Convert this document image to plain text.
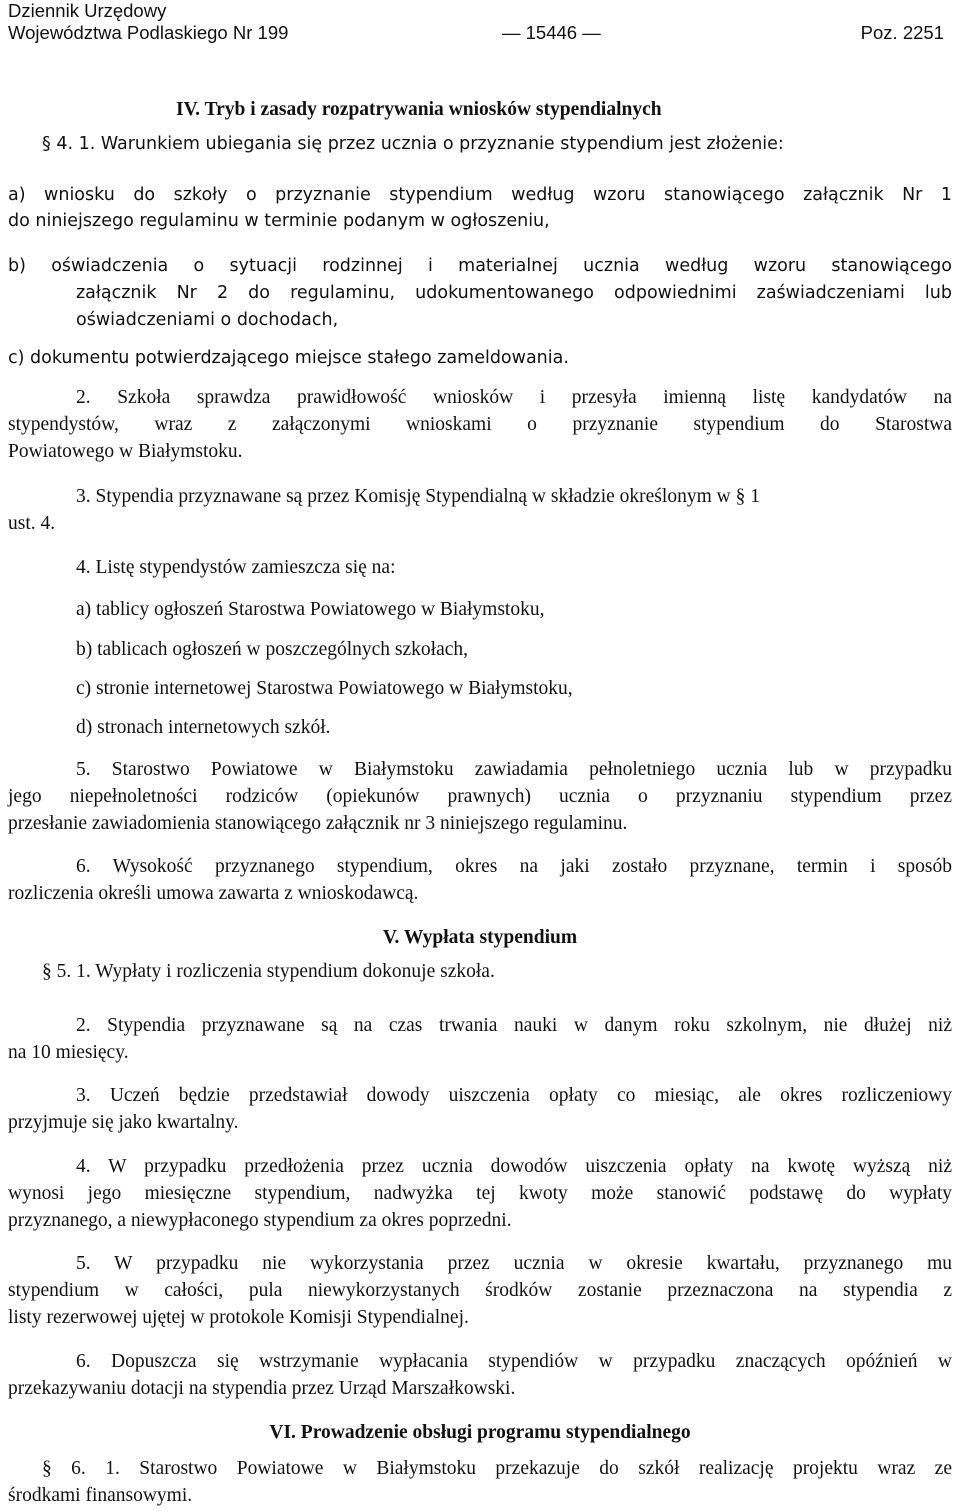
Dziennik Urzędowy
Województwa Podlaskiego Nr 199	— 15446 —	Poz. 2251
IV. Tryb i zasady rozpatrywania wniosków stypendialnych
§ 4. 1. Warunkiem ubiegania się przez ucznia o przyznanie stypendium jest złożenie:
a) wniosku do szkoły o przyznanie stypendium według wzoru stanowiącego załącznik Nr 1
do niniejszego regulaminu w terminie podanym w ogłoszeniu,
b) oświadczenia o sytuacji rodzinnej i materialnej ucznia według wzoru stanowiącego
załącznik Nr 2 do regulaminu, udokumentowanego odpowiednimi zaświadczeniami lub
oświadczeniami o dochodach,
c) dokumentu potwierdzającego miejsce stałego zameldowania.
2. Szkoła sprawdza prawidłowość wniosków i przesyła imienną listę kandydatów na
stypendystów, wraz z załączonymi wnioskami o przyznanie stypendium do Starostwa
Powiatowego w Białymstoku.
3. Stypendia przyznawane są przez Komisję Stypendialną w składzie określonym w § 1
ust. 4.
4. Listę stypendystów zamieszcza się na:
a) tablicy ogłoszeń Starostwa Powiatowego w Białymstoku,
b) tablicach ogłoszeń w poszczególnych szkołach,
c) stronie internetowej Starostwa Powiatowego w Białymstoku,
d) stronach internetowych szkół.
5. Starostwo Powiatowe w Białymstoku zawiadamia pełnoletniego ucznia lub w przypadku
jego niepełnoletności rodziców (opiekunów prawnych) ucznia o przyznaniu stypendium przez
przesłanie zawiadomienia stanowiącego załącznik nr 3 niniejszego regulaminu.
6. Wysokość przyznanego stypendium, okres na jaki zostało przyznane, termin i sposób
rozliczenia określi umowa zawarta z wnioskodawcą.
V. Wypłata stypendium
§ 5. 1. Wypłaty i rozliczenia stypendium dokonuje szkoła.
2. Stypendia przyznawane są na czas trwania nauki w danym roku szkolnym, nie dłużej niż
na 10 miesięcy.
3. Uczeń będzie przedstawiał dowody uiszczenia opłaty co miesiąc, ale okres rozliczeniowy
przyjmuje się jako kwartalny.
4. W przypadku przedłożenia przez ucznia dowodów uiszczenia opłaty na kwotę wyższą niż
wynosi jego miesięczne stypendium, nadwyżka tej kwoty może stanowić podstawę do wypłaty
przyznanego, a niewypłaconego stypendium za okres poprzedni.
5. W przypadku nie wykorzystania przez ucznia w okresie kwartału, przyznanego mu
stypendium w całości, pula niewykorzystanych środków zostanie przeznaczona na stypendia z
listy rezerwowej ujętej w protokole Komisji Stypendialnej.
6. Dopuszcza się wstrzymanie wypłacania stypendiów w przypadku znaczących opóźnień w
przekazywaniu dotacji na stypendia przez Urząd Marszałkowski.
VI. Prowadzenie obsługi programu stypendialnego
§ 6. 1. Starostwo Powiatowe w Białymstoku przekazuje do szkół realizację projektu wraz ze
środkami finansowymi.
